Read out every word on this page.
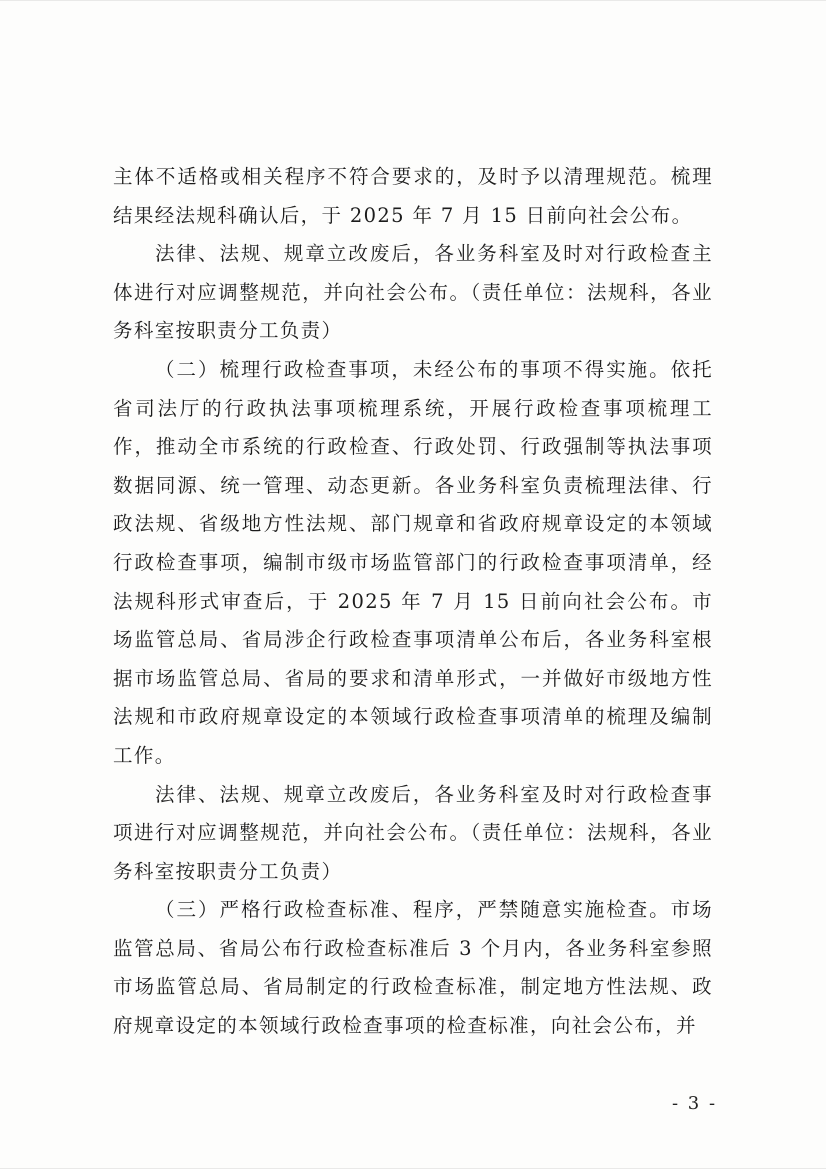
主体不适格或相关程序不符合要求的，及时予以清理规范。梳理结果经法规科确认后，于 2025 年 7 月 15 日前向社会公布。

法律、法规、规章立改废后，各业务科室及时对行政检查主体进行对应调整规范，并向社会公布。（责任单位：法规科，各业务科室按职责分工负责）

（二）梳理行政检查事项，未经公布的事项不得实施。依托省司法厅的行政执法事项梳理系统，开展行政检查事项梳理工作，推动全市系统的行政检查、行政处罚、行政强制等执法事项数据同源、统一管理、动态更新。各业务科室负责梳理法律、行政法规、省级地方性法规、部门规章和省政府规章设定的本领域行政检查事项，编制市级市场监管部门的行政检查事项清单，经法规科形式审查后，于 2025 年 7 月 15 日前向社会公布。市场监管总局、省局涉企行政检查事项清单公布后，各业务科室根据市场监管总局、省局的要求和清单形式，一并做好市级地方性法规和市政府规章设定的本领域行政检查事项清单的梳理及编制工作。

法律、法规、规章立改废后，各业务科室及时对行政检查事项进行对应调整规范，并向社会公布。（责任单位：法规科，各业务科室按职责分工负责）

（三）严格行政检查标准、程序，严禁随意实施检查。市场监管总局、省局公布行政检查标准后 3 个月内，各业务科室参照市场监管总局、省局制定的行政检查标准，制定地方性法规、政府规章设定的本领域行政检查事项的检查标准，向社会公布，并

- 3 -
